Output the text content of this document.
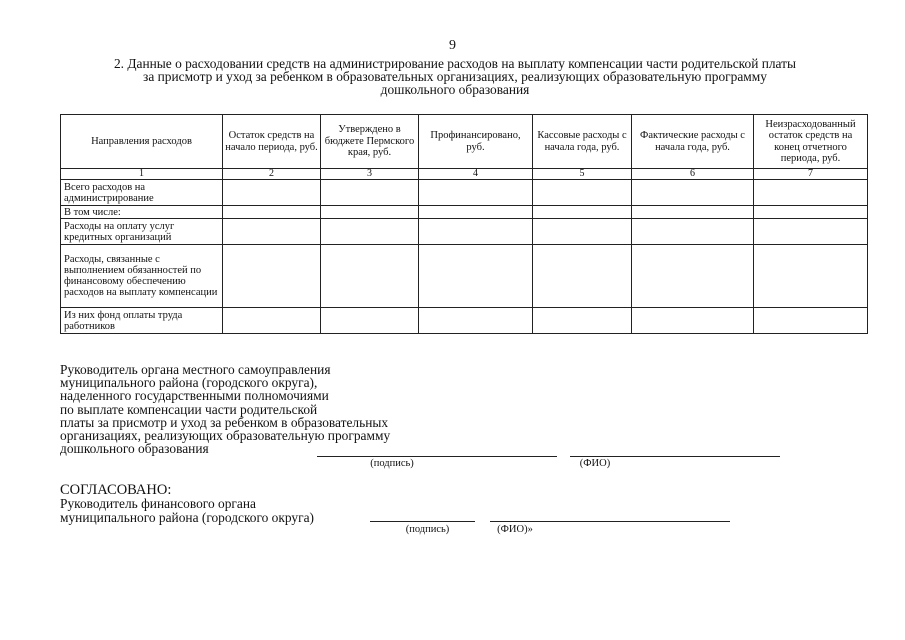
9
2. Данные о расходовании средств на администрирование расходов на выплату компенсации части родительской платы
за присмотр и уход за ребенком в образовательных организациях, реализующих образовательную программу
дошкольного образования
Направления расходов	Остаток средств на начало периода, руб.	Утверждено в бюджете Пермского края, руб.	Профинансировано, руб.	Кассовые расходы с начала года, руб.	Фактические расходы с начала года, руб.	Неизрасходованный остаток средств на конец отчетного периода, руб.
1	2	3	4	5	6	7
Всего расходов на администрирование						
В том числе:						
Расходы на оплату услуг кредитных организаций						
Расходы, связанные с выполнением обязанностей по финансовому обеспечению расходов на выплату компенсации						
Из них фонд оплаты труда работников						
Руководитель органа местного самоуправления
муниципального района (городского округа),
наделенного государственными полномочиями
по выплате компенсации части родительской
платы за присмотр и уход за ребенком в образовательных
организациях, реализующих образовательную программу
дошкольного образования
(подпись)	(ФИО)
СОГЛАСОВАНО:
Руководитель финансового органа
муниципального района (городского округа)
(подпись)	(ФИО)»
